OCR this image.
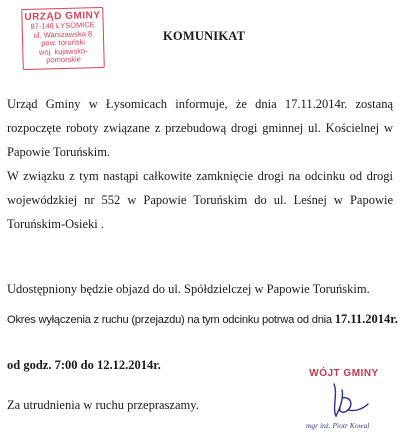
URZĄD GMINY
87-148 ŁYSOMICE
ul. Warszawska 8
pow. toruński
woj. kujawsko-pomorskie
KOMUNIKAT
Urząd Gminy w Łysomicach informuje, że dnia 17.11.2014r. zostaną rozpoczęte roboty związane z przebudową drogi gminnej ul. Kościelnej w Papowie Toruńskim.
W związku z tym nastąpi całkowite zamknięcie drogi na odcinku od drogi wojewódzkiej nr 552 w Papowie Toruńskim do ul. Leśnej w Papowie Toruńskim-Osieki .
Udostępniony będzie objazd do ul. Spółdzielczej w Papowie Toruńskim.
Okres wyłączenia z ruchu (przejazdu) na tym odcinku potrwa od dnia 17.11.2014r.
od godz. 7:00 do 12.12.2014r.
Za utrudnienia w ruchu przepraszamy.
WÓJT GMINY
mgr inż. Piotr Kowal
